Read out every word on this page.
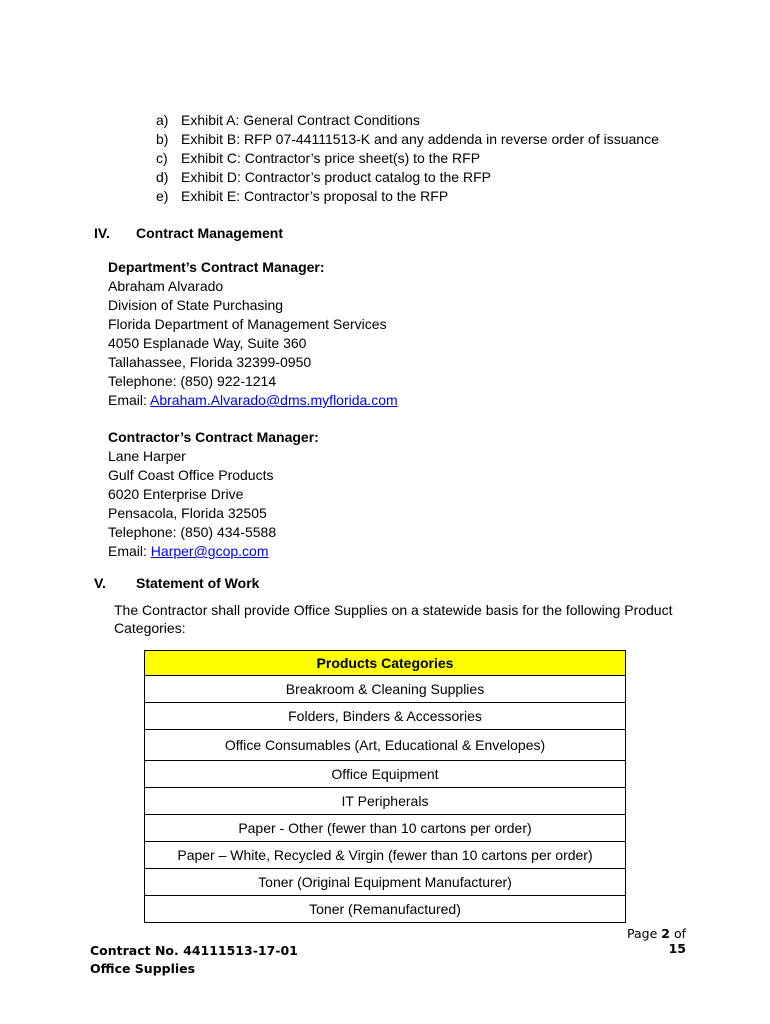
a) Exhibit A: General Contract Conditions
b) Exhibit B: RFP 07-44111513-K and any addenda in reverse order of issuance
c) Exhibit C: Contractor’s price sheet(s) to the RFP
d) Exhibit D: Contractor’s product catalog to the RFP
e) Exhibit E: Contractor’s proposal to the RFP
IV. Contract Management
Department’s Contract Manager:
Abraham Alvarado
Division of State Purchasing
Florida Department of Management Services
4050 Esplanade Way, Suite 360
Tallahassee, Florida 32399-0950
Telephone: (850) 922-1214
Email: Abraham.Alvarado@dms.myflorida.com
Contractor’s Contract Manager:
Lane Harper
Gulf Coast Office Products
6020 Enterprise Drive
Pensacola, Florida 32505
Telephone: (850) 434-5588
Email: Harper@gcop.com
V. Statement of Work
The Contractor shall provide Office Supplies on a statewide basis for the following Product Categories:
Products Categories
Breakroom & Cleaning Supplies
Folders, Binders & Accessories
Office Consumables (Art, Educational & Envelopes)
Office Equipment
IT Peripherals
Paper - Other (fewer than 10 cartons per order)
Paper – White, Recycled & Virgin (fewer than 10 cartons per order)
Toner (Original Equipment Manufacturer)
Toner (Remanufactured)
Page 2 of 15
Contract No. 44111513-17-01
Office Supplies
